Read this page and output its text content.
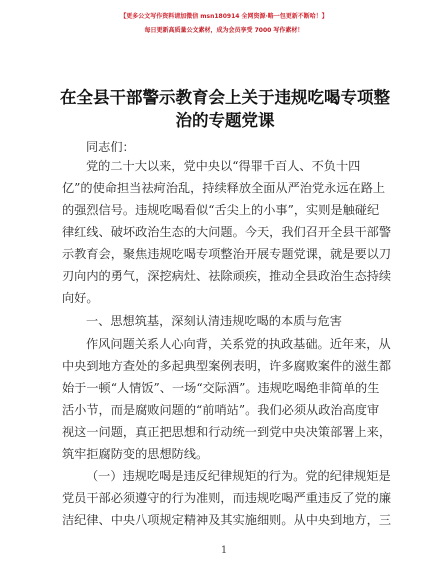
【更多公文写作资料请加微信 msn180914 全网资源·略一包更新不断哈！】
每日更新高质量公文素材，成为会员享受 7000 写作素材！
在全县干部警示教育会上关于违规吃喝专项整
治的专题党课
同志们：
党的二十大以来，党中央以“得罪千百人、不负十四
亿”的使命担当祛疴治乱，持续释放全面从严治党永远在路上
的强烈信号。违规吃喝看似“舌尖上的小事”，实则是触碰纪
律红线、破坏政治生态的大问题。今天，我们召开全县干部警
示教育会，聚焦违规吃喝专项整治开展专题党课，就是要以刀
刃向内的勇气，深挖病灶、祛除顽疾，推动全县政治生态持续
向好。
一、思想筑基，深刻认清违规吃喝的本质与危害
作风问题关系人心向背，关系党的执政基础。近年来，从
中央到地方查处的多起典型案例表明，许多腐败案件的滋生都
始于一顿“人情饭”、一场“交际酒”。违规吃喝绝非简单的生
活小节，而是腐败问题的“前哨站”。我们必须从政治高度审
视这一问题，真正把思想和行动统一到党中央决策部署上来，
筑牢拒腐防变的思想防线。
（一）违规吃喝是违反纪律规矩的行为。党的纪律规矩是
党员干部必须遵守的行为准则，而违规吃喝严重违反了党的廉
洁纪律、中央八项规定精神及其实施细则。从中央到地方，三
1
